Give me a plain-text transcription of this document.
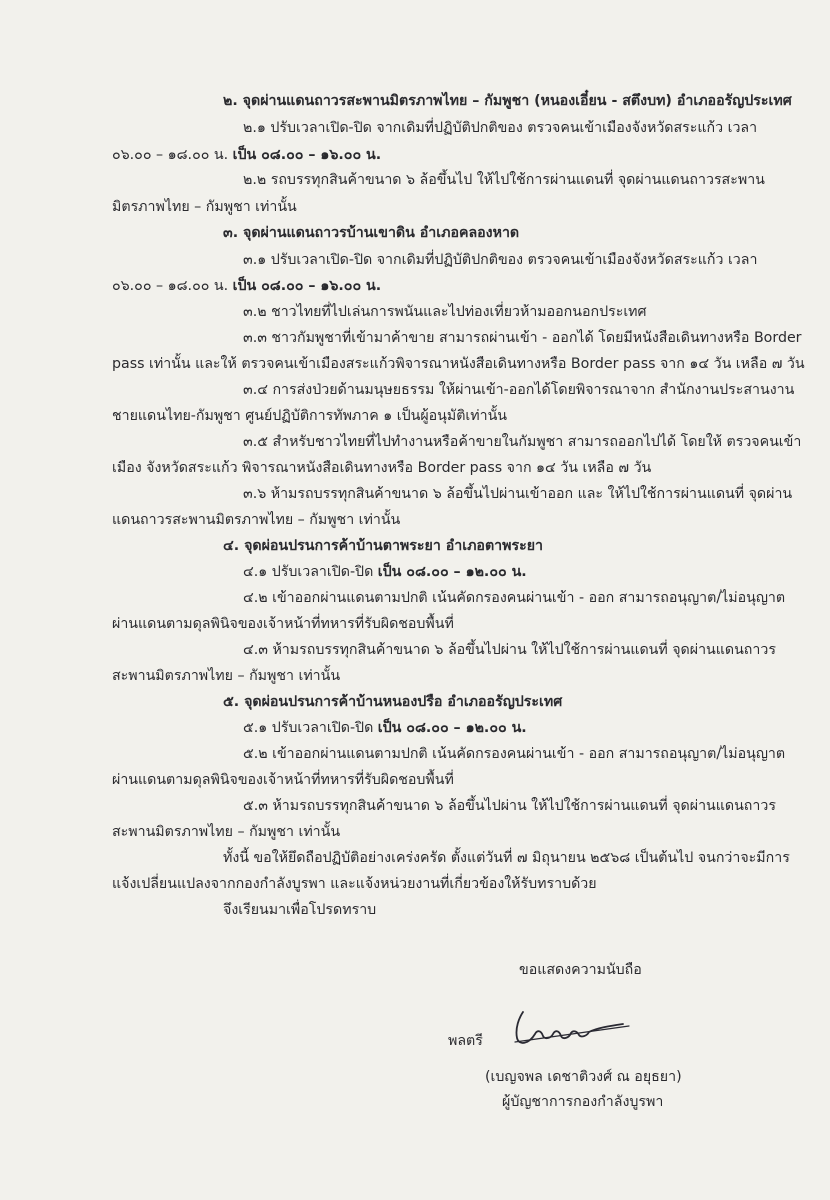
๒. จุดผ่านแดนถาวรสะพานมิตรภาพไทย – กัมพูชา (หนองเอี๋ยน - สตึงบท) อำเภออรัญประเทศ
๒.๑ ปรับเวลาเปิด-ปิด จากเดิมที่ปฏิบัติปกติของ ตรวจคนเข้าเมืองจังหวัดสระแก้ว เวลา
๐๖.๐๐ – ๑๘.๐๐ น. เป็น ๐๘.๐๐ – ๑๖.๐๐ น.
๒.๒ รถบรรทุกสินค้าขนาด ๖ ล้อขึ้นไป ให้ไปใช้การผ่านแดนที่ จุดผ่านแดนถาวรสะพาน
มิตรภาพไทย – กัมพูชา เท่านั้น
๓. จุดผ่านแดนถาวรบ้านเขาดิน อำเภอคลองหาด
๓.๑ ปรับเวลาเปิด-ปิด จากเดิมที่ปฏิบัติปกติของ ตรวจคนเข้าเมืองจังหวัดสระแก้ว เวลา
๐๖.๐๐ – ๑๘.๐๐ น. เป็น ๐๘.๐๐ – ๑๖.๐๐ น.
๓.๒ ชาวไทยที่ไปเล่นการพนันและไปท่องเที่ยวห้ามออกนอกประเทศ
๓.๓ ชาวกัมพูชาที่เข้ามาค้าขาย สามารถผ่านเข้า - ออกได้ โดยมีหนังสือเดินทางหรือ Border
pass เท่านั้น และให้ ตรวจคนเข้าเมืองสระแก้วพิจารณาหนังสือเดินทางหรือ Border pass จาก ๑๔ วัน เหลือ ๗ วัน
๓.๔ การส่งป่วยด้านมนุษยธรรม ให้ผ่านเข้า-ออกได้โดยพิจารณาจาก สำนักงานประสานงาน
ชายแดนไทย-กัมพูชา ศูนย์ปฏิบัติการทัพภาค ๑ เป็นผู้อนุมัติเท่านั้น
๓.๕ สำหรับชาวไทยที่ไปทำงานหรือค้าขายในกัมพูชา สามารถออกไปได้ โดยให้ ตรวจคนเข้า
เมือง จังหวัดสระแก้ว พิจารณาหนังสือเดินทางหรือ Border pass จาก ๑๔ วัน เหลือ ๗ วัน
๓.๖ ห้ามรถบรรทุกสินค้าขนาด ๖ ล้อขึ้นไปผ่านเข้าออก และ ให้ไปใช้การผ่านแดนที่ จุดผ่าน
แดนถาวรสะพานมิตรภาพไทย – กัมพูชา เท่านั้น
๔. จุดผ่อนปรนการค้าบ้านตาพระยา อำเภอตาพระยา
๔.๑ ปรับเวลาเปิด-ปิด เป็น ๐๘.๐๐ – ๑๒.๐๐ น.
๔.๒ เข้าออกผ่านแดนตามปกติ เน้นคัดกรองคนผ่านเข้า - ออก สามารถอนุญาต/ไม่อนุญาต
ผ่านแดนตามดุลพินิจของเจ้าหน้าที่ทหารที่รับผิดชอบพื้นที่
๔.๓ ห้ามรถบรรทุกสินค้าขนาด ๖ ล้อขึ้นไปผ่าน ให้ไปใช้การผ่านแดนที่ จุดผ่านแดนถาวร
สะพานมิตรภาพไทย – กัมพูชา เท่านั้น
๕. จุดผ่อนปรนการค้าบ้านหนองปรือ อำเภออรัญประเทศ
๕.๑ ปรับเวลาเปิด-ปิด เป็น ๐๘.๐๐ – ๑๒.๐๐ น.
๕.๒ เข้าออกผ่านแดนตามปกติ เน้นคัดกรองคนผ่านเข้า - ออก สามารถอนุญาต/ไม่อนุญาต
ผ่านแดนตามดุลพินิจของเจ้าหน้าที่ทหารที่รับผิดชอบพื้นที่
๕.๓ ห้ามรถบรรทุกสินค้าขนาด ๖ ล้อขึ้นไปผ่าน ให้ไปใช้การผ่านแดนที่ จุดผ่านแดนถาวร
สะพานมิตรภาพไทย – กัมพูชา เท่านั้น
ทั้งนี้ ขอให้ยึดถือปฏิบัติอย่างเคร่งครัด ตั้งแต่วันที่ ๗ มิถุนายน ๒๕๖๘ เป็นต้นไป จนกว่าจะมีการ
แจ้งเปลี่ยนแปลงจากกองกำลังบูรพา และแจ้งหน่วยงานที่เกี่ยวข้องให้รับทราบด้วย
จึงเรียนมาเพื่อโปรดทราบ
ขอแสดงความนับถือ
พลตรี
(เบญจพล เดชาติวงศ์ ณ อยุธยา)
ผู้บัญชาการกองกำลังบูรพา
